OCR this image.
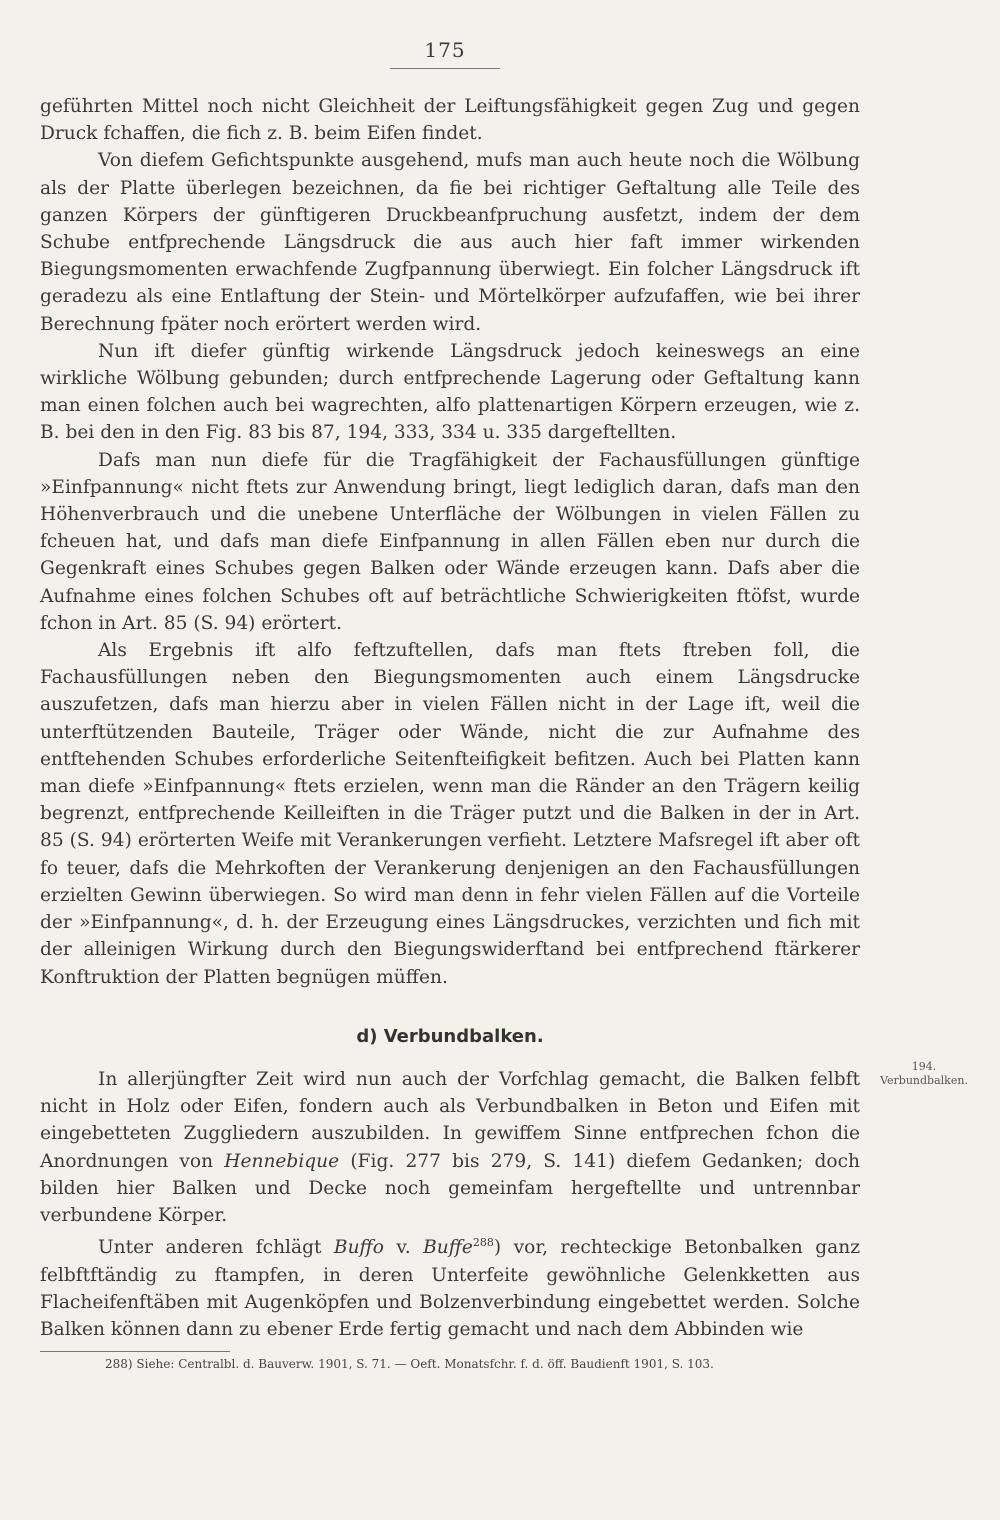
175

geführten Mittel noch nicht Gleichheit der Leiftungsfähigkeit gegen Zug und gegen Druck fchaffen, die fich z. B. beim Eifen findet.

Von diefem Gefichtspunkte ausgehend, mufs man auch heute noch die Wölbung als der Platte überlegen bezeichnen, da fie bei richtiger Geftaltung alle Teile des ganzen Körpers der günftigeren Druckbeanfpruchung ausfetzt, indem der dem Schube entfprechende Längsdruck die aus auch hier faft immer wirkenden Biegungsmomenten erwachfende Zugfpannung überwiegt. Ein folcher Längsdruck ift geradezu als eine Entlaftung der Stein- und Mörtelkörper aufzufaffen, wie bei ihrer Berechnung fpäter noch erörtert werden wird.

Nun ift diefer günftig wirkende Längsdruck jedoch keineswegs an eine wirkliche Wölbung gebunden; durch entfprechende Lagerung oder Geftaltung kann man einen folchen auch bei wagrechten, alfo plattenartigen Körpern erzeugen, wie z. B. bei den in den Fig. 83 bis 87, 194, 333, 334 u. 335 dargeftellten.

Dafs man nun diefe für die Tragfähigkeit der Fachausfüllungen günftige »Einfpannung« nicht ftets zur Anwendung bringt, liegt lediglich daran, dafs man den Höhenverbrauch und die unebene Unterfläche der Wölbungen in vielen Fällen zu fcheuen hat, und dafs man diefe Einfpannung in allen Fällen eben nur durch die Gegenkraft eines Schubes gegen Balken oder Wände erzeugen kann. Dafs aber die Aufnahme eines folchen Schubes oft auf beträchtliche Schwierigkeiten ftöfst, wurde fchon in Art. 85 (S. 94) erörtert.

Als Ergebnis ift alfo feftzuftellen, dafs man ftets ftreben foll, die Fachausfüllungen neben den Biegungsmomenten auch einem Längsdrucke auszufetzen, dafs man hierzu aber in vielen Fällen nicht in der Lage ift, weil die unterftützenden Bauteile, Träger oder Wände, nicht die zur Aufnahme des entftehenden Schubes erforderliche Seitenfteifigkeit befitzen. Auch bei Platten kann man diefe »Einfpannung« ftets erzielen, wenn man die Ränder an den Trägern keilig begrenzt, entfprechende Keilleiften in die Träger putzt und die Balken in der in Art. 85 (S. 94) erörterten Weife mit Verankerungen verfieht. Letztere Mafsregel ift aber oft fo teuer, dafs die Mehrkoften der Verankerung denjenigen an den Fachausfüllungen erzielten Gewinn überwiegen. So wird man denn in fehr vielen Fällen auf die Vorteile der »Einfpannung«, d. h. der Erzeugung eines Längsdruckes, verzichten und fich mit der alleinigen Wirkung durch den Biegungswiderftand bei entfprechend ftärkerer Konftruktion der Platten begnügen müffen.

d) Verbundbalken.
194.
Verbundbalken.

In allerjüngfter Zeit wird nun auch der Vorfchlag gemacht, die Balken felbft nicht in Holz oder Eifen, fondern auch als Verbundbalken in Beton und Eifen mit eingebetteten Zuggliedern auszubilden. In gewiffem Sinne entfprechen fchon die Anordnungen von Hennebique (Fig. 277 bis 279, S. 141) diefem Gedanken; doch bilden hier Balken und Decke noch gemeinfam hergeftellte und untrennbar verbundene Körper.

Unter anderen fchlägt Buffo v. Buffe$^{288}$) vor, rechteckige Betonbalken ganz felbftftändig zu ftampfen, in deren Unterfeite gewöhnliche Gelenkketten aus Flacheifenftäben mit Augenköpfen und Bolzenverbindung eingebettet werden. Solche Balken können dann zu ebener Erde fertig gemacht und nach dem Abbinden wie

288) Siehe: Centralbl. d. Bauverw. 1901, S. 71. — Oeft. Monatsfchr. f. d. öff. Baudienft 1901, S. 103.
